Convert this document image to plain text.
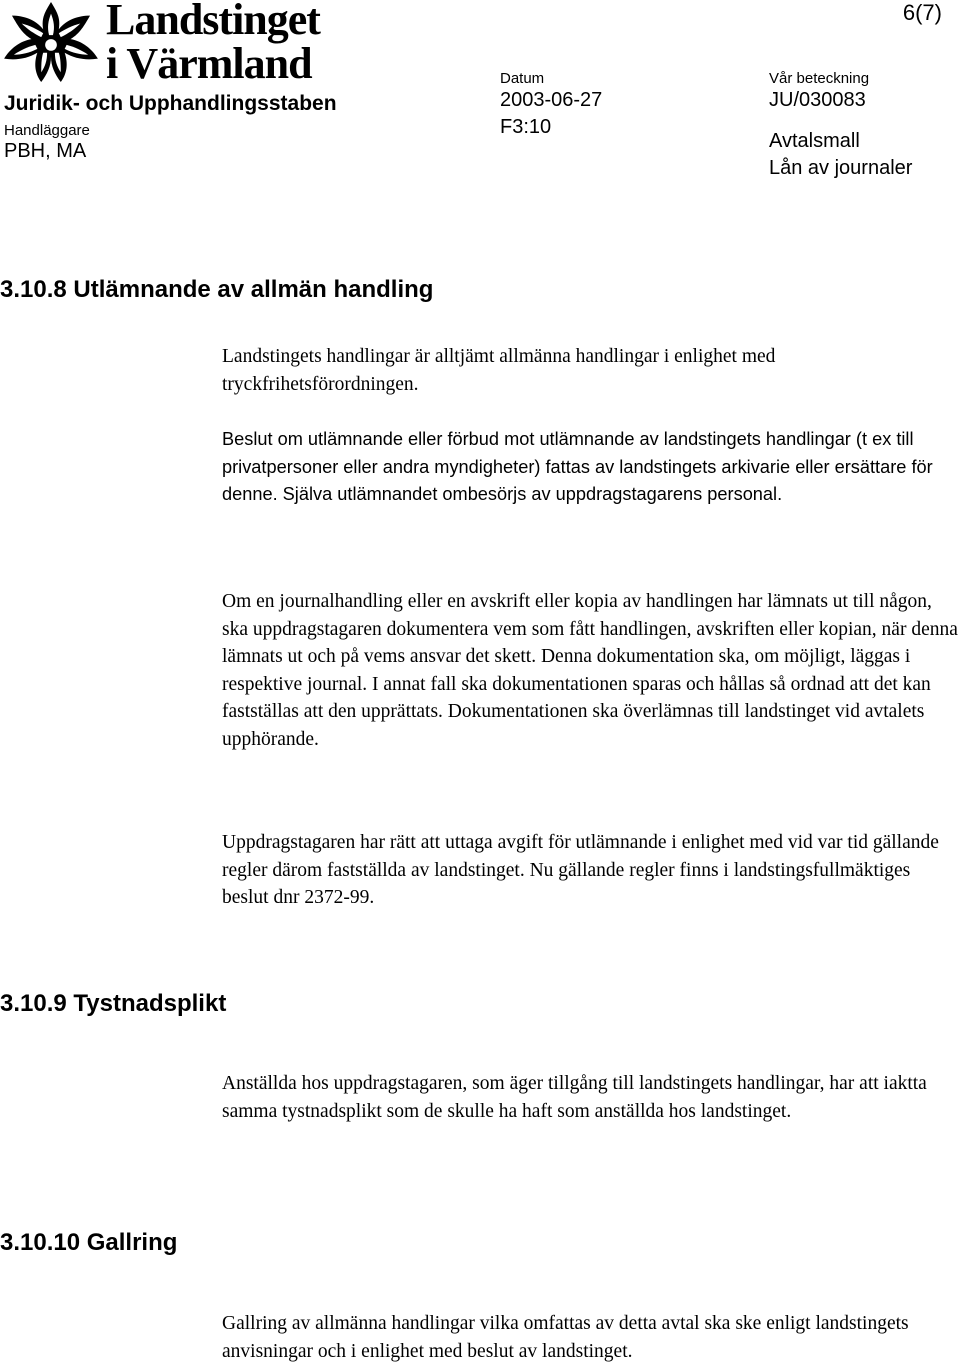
Landstinget
i Värmland
6(7)
Juridik- och Upphandlingsstaben
Handläggare
PBH, MA
Datum
2003-06-27
F3:10
Vår beteckning
JU/030083
Avtalsmall
Lån av journaler
3.10.8 Utlämnande av allmän handling
Landstingets handlingar är alltjämt allmänna handlingar i enlighet med tryckfrihetsförordningen.
Beslut om utlämnande eller förbud mot utlämnande av landstingets handlingar (t ex till privatpersoner eller andra myndigheter) fattas av landstingets arkivarie eller ersättare för denne. Själva utlämnandet ombesörjs av uppdragstagarens personal.
Om en journalhandling eller en avskrift eller kopia av handlingen har lämnats ut till någon, ska uppdragstagaren dokumentera vem som fått handlingen, avskriften eller kopian, när denna lämnats ut och på vems ansvar det skett. Denna dokumentation ska, om möjligt, läggas i respektive journal. I annat fall ska dokumentationen sparas och hållas så ordnad att det kan fastställas att den upprättats. Dokumentationen ska överlämnas till landstinget vid avtalets upphörande.
Uppdragstagaren har rätt att uttaga avgift för utlämnande i enlighet med vid var tid gällande regler därom fastställda av landstinget. Nu gällande regler finns i landstingsfullmäktiges beslut dnr 2372-99.
3.10.9 Tystnadsplikt
Anställda hos uppdragstagaren, som äger tillgång till landstingets handlingar, har att iaktta samma tystnadsplikt som de skulle ha haft som anställda hos landstinget.
3.10.10 Gallring
Gallring av allmänna handlingar vilka omfattas av detta avtal ska ske enligt landstingets anvisningar och i enlighet med beslut av landstinget.
